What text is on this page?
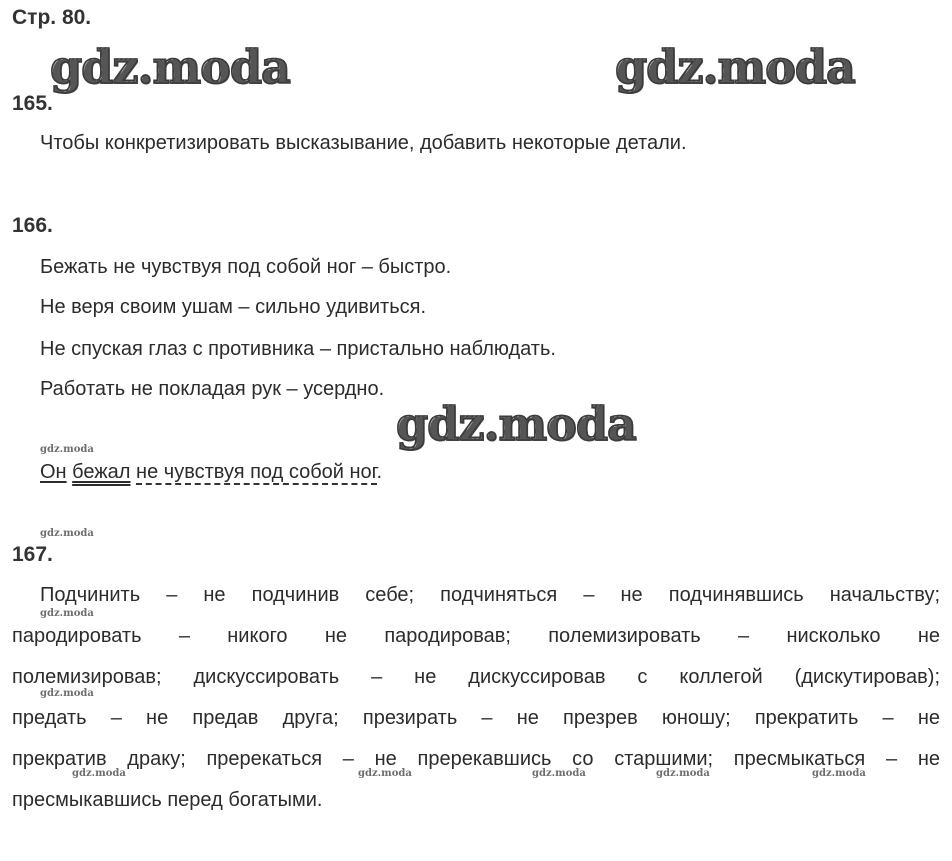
Стр. 80.
gdz.moda	gdz.moda
gdz.moda
gdz.moda
gdz.moda
gdz.moda
gdz.moda
gdz.moda	gdz.moda	gdz.moda	gdz.moda	gdz.moda
165.
Чтобы конкретизировать высказывание, добавить некоторые детали.
166.
Бежать не чувствуя под собой ног – быстро.
Не веря своим ушам – сильно удивиться.
Не спуская глаз с противника – пристально наблюдать.
Работать не покладая рук – усердно.
Он бежал не чувствуя под собой ног.
167.
Подчинить – не подчинив себе; подчиняться – не подчинявшись начальству;
пародировать – никого не пародировав; полемизировать – нисколько не
полемизировав; дискуссировать – не дискуссировав с коллегой (дискутировав);
предать – не предав друга; презирать – не презрев юношу; прекратить – не
прекратив драку; пререкаться – не пререкавшись со старшими; пресмыкаться – не
пресмыкавшись перед богатыми.
